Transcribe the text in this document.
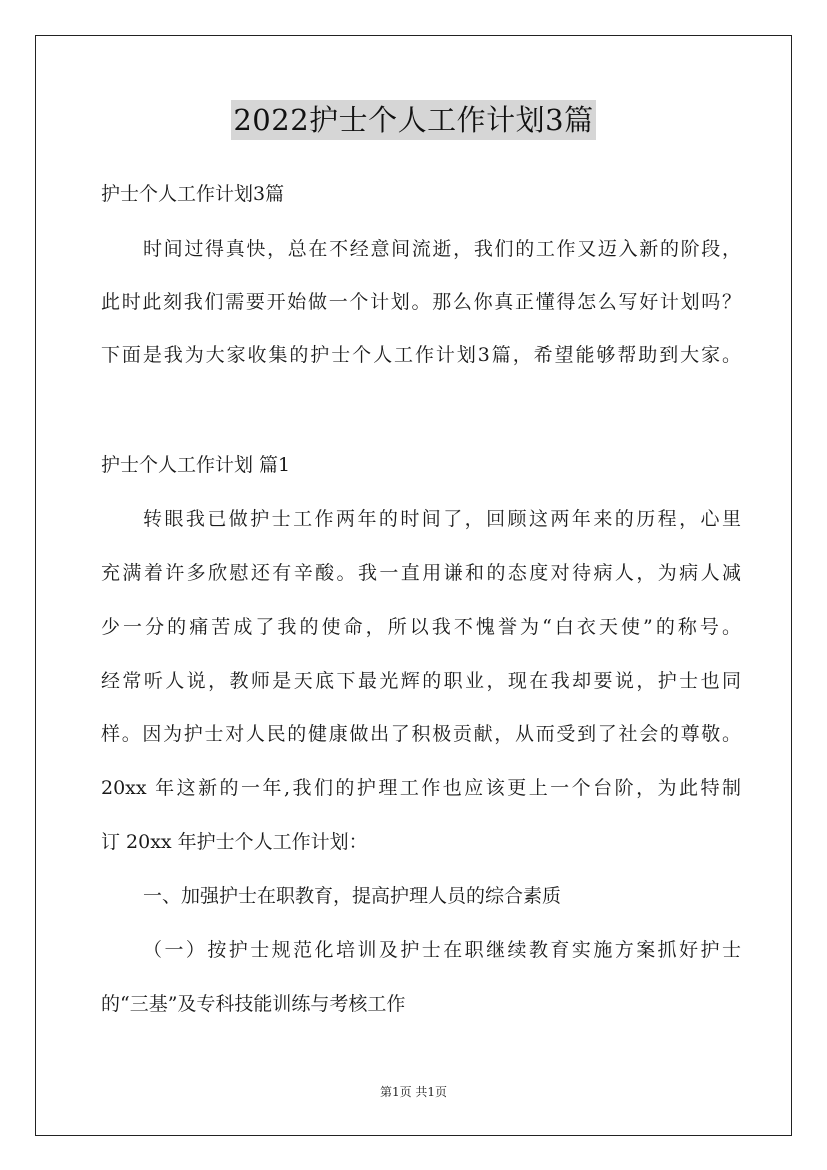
2022护士个人工作计划3篇
护士个人工作计划3篇
时间过得真快，总在不经意间流逝，我们的工作又迈入新的阶段，
此时此刻我们需要开始做一个计划。那么你真正懂得怎么写好计划吗？
下面是我为大家收集的护士个人工作计划3篇，希望能够帮助到大家。
护士个人工作计划 篇1
转眼我已做护士工作两年的时间了，回顾这两年来的历程，心里
充满着许多欣慰还有辛酸。我一直用谦和的态度对待病人，为病人减
少一分的痛苦成了我的使命，所以我不愧誉为“白衣天使”的称号。
经常听人说，教师是天底下最光辉的职业，现在我却要说，护士也同
样。因为护士对人民的健康做出了积极贡献，从而受到了社会的尊敬。
20xx 年这新的一年,我们的护理工作也应该更上一个台阶，为此特制
订 20xx 年护士个人工作计划：
一、加强护士在职教育，提高护理人员的综合素质
（一）按护士规范化培训及护士在职继续教育实施方案抓好护士
的“三基”及专科技能训练与考核工作
第1页 共1页
